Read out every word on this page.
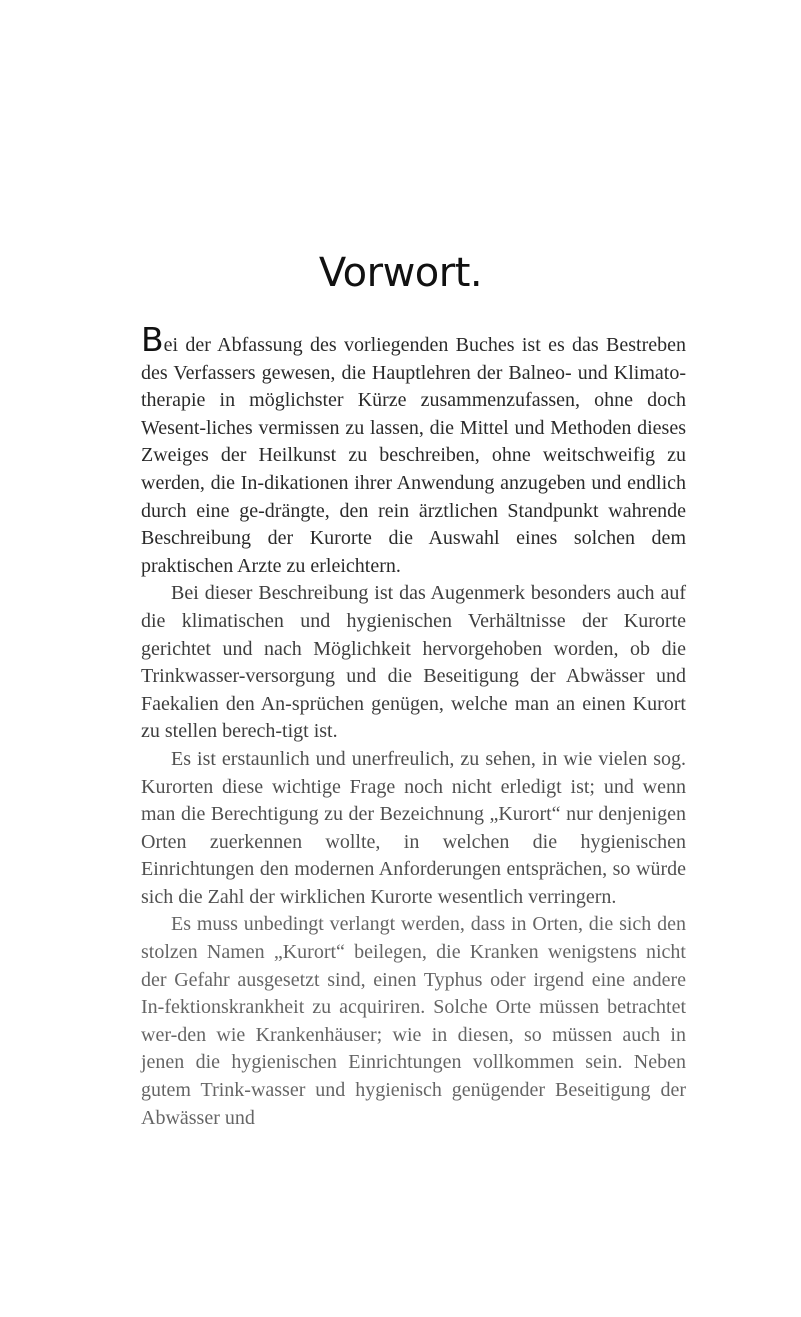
Vorwort.

Bei der Abfassung des vorliegenden Buches ist es das Bestreben des Verfassers gewesen, die Hauptlehren der Balneo- und Klimato-therapie in möglichster Kürze zusammenzufassen, ohne doch Wesent-liches vermissen zu lassen, die Mittel und Methoden dieses Zweiges der Heilkunst zu beschreiben, ohne weitschweifig zu werden, die In-dikationen ihrer Anwendung anzugeben und endlich durch eine ge-drängte, den rein ärztlichen Standpunkt wahrende Beschreibung der Kurorte die Auswahl eines solchen dem praktischen Arzte zu erleichtern.

Bei dieser Beschreibung ist das Augenmerk besonders auch auf die klimatischen und hygienischen Verhältnisse der Kurorte gerichtet und nach Möglichkeit hervorgehoben worden, ob die Trinkwasser-versorgung und die Beseitigung der Abwässer und Faekalien den An-sprüchen genügen, welche man an einen Kurort zu stellen berech-tigt ist.

Es ist erstaunlich und unerfreulich, zu sehen, in wie vielen sog. Kurorten diese wichtige Frage noch nicht erledigt ist; und wenn man die Berechtigung zu der Bezeichnung „Kurort“ nur denjenigen Orten zuerkennen wollte, in welchen die hygienischen Einrichtungen den modernen Anforderungen entsprächen, so würde sich die Zahl der wirklichen Kurorte wesentlich verringern.

Es muss unbedingt verlangt werden, dass in Orten, die sich den stolzen Namen „Kurort“ beilegen, die Kranken wenigstens nicht der Gefahr ausgesetzt sind, einen Typhus oder irgend eine andere In-fektionskrankheit zu acquiriren. Solche Orte müssen betrachtet wer-den wie Krankenhäuser; wie in diesen, so müssen auch in jenen die hygienischen Einrichtungen vollkommen sein. Neben gutem Trink-wasser und hygienisch genügender Beseitigung der Abwässer und
